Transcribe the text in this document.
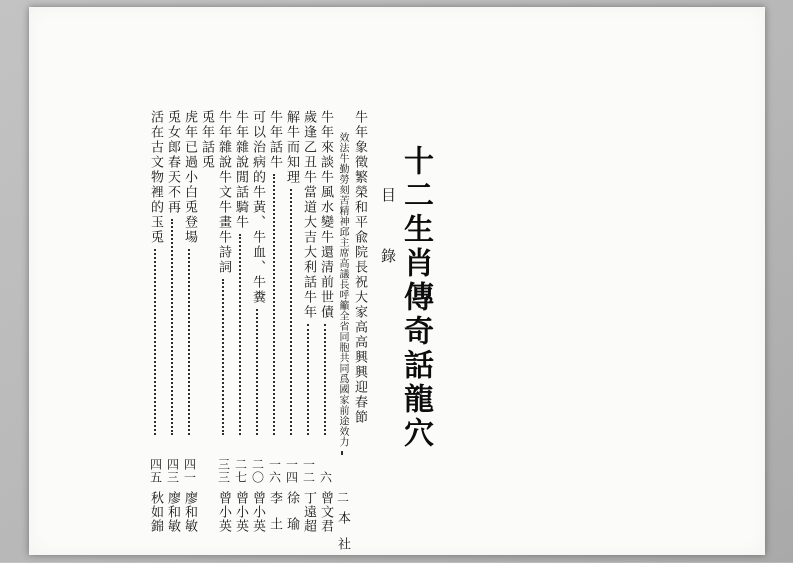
十二生肖傳奇話龍穴
目錄
牛年象徵繁榮和平兪院長祝大家高高興興迎春節
效法牛勤勞刻苦精神邱主席高議長呼籲全省同胞共同爲國家前途效力
二
本社
牛年來談牛風水變牛還清前世債
六
曾文君
歲逢乙丑牛當道大吉大利話牛年
一二
丁遠超
解牛而知理
一四
徐瑜
牛年話牛
一六
李土
可以治病的牛黃、牛血、牛糞
二〇
曾小英
牛年雜說閒話騎牛
二七
曾小英
牛年雜說牛文牛畫牛詩詞
三三
曾小英
兎年話兎
虎年已過小白兎登場
四一
廖和敏
兎女郎春天不再
四三
廖和敏
活在古文物裡的玉兎
四五
秋如錦
